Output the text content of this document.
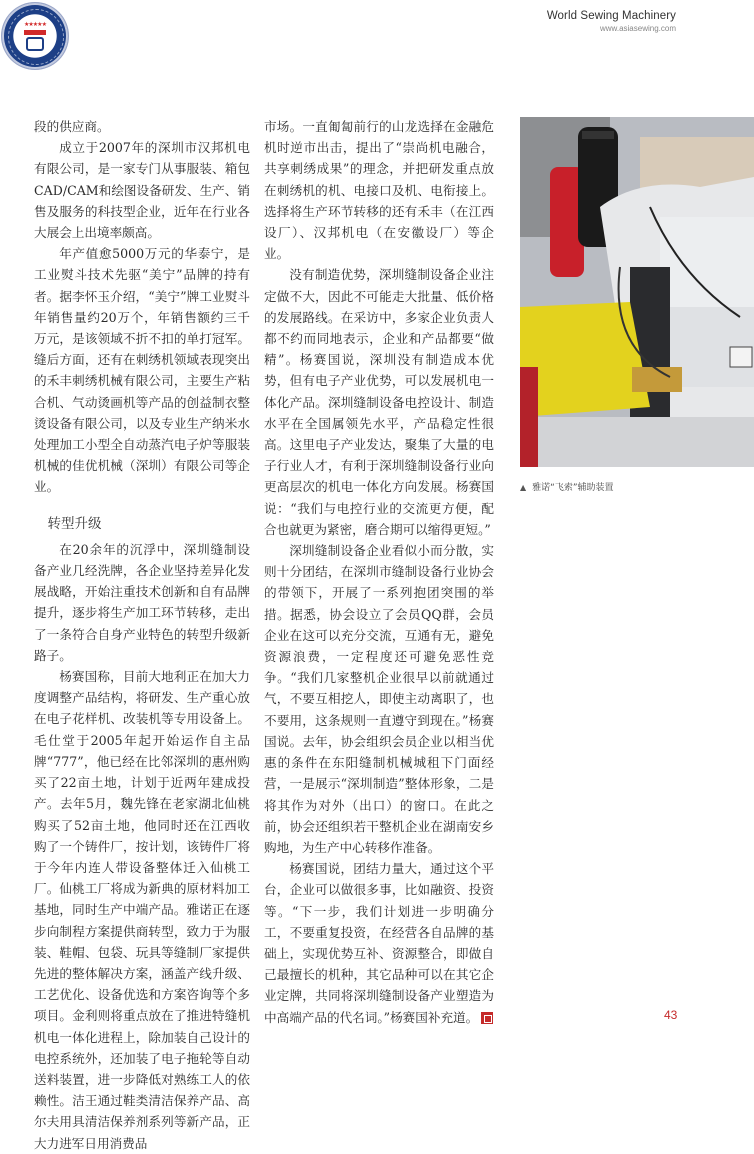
★★★★★
World Sewing Machinery
www.asiasewing.com

段的供应商。

成立于2007年的深圳市汉邦机电有限公司，是一家专门从事服装、箱包CAD/CAM和绘图设备研发、生产、销售及服务的科技型企业，近年在行业各大展会上出境率颇高。

年产值愈5000万元的华泰宁，是工业熨斗技术先驱“美宁”品牌的持有者。据李怀玉介绍，“美宁”牌工业熨斗年销售量约20万个，年销售额约三千万元，是该领域不折不扣的单打冠军。缝后方面，还有在刺绣机领域表现突出的禾丰刺绣机械有限公司，主要生产粘合机、气动烫画机等产品的创益制衣整烫设备有限公司，以及专业生产纳米水处理加工小型全自动蒸汽电子炉等服装机械的佳优机械（深圳）有限公司等企业。

转型升级

在20余年的沉浮中，深圳缝制设备产业几经洗牌，各企业坚持差异化发展战略，开始注重技术创新和自有品牌提升，逐步将生产加工环节转移，走出了一条符合自身产业特色的转型升级新路子。

杨赛国称，目前大地利正在加大力度调整产品结构，将研发、生产重心放在电子花样机、改装机等专用设备上。毛仕堂于2005年起开始运作自主品牌“777”，他已经在比邻深圳的惠州购买了22亩土地，计划于近两年建成投产。去年5月，魏先锋在老家湖北仙桃购买了52亩土地，他同时还在江西收购了一个铸件厂，按计划，该铸件厂将于今年内连人带设备整体迁入仙桃工厂。仙桃工厂将成为新典的原材料加工基地，同时生产中端产品。雅诺正在逐步向制程方案提供商转型，致力于为服装、鞋帽、包袋、玩具等缝制厂家提供先进的整体解决方案，涵盖产线升级、工艺优化、设备优选和方案咨询等个多项目。金利则将重点放在了推进特缝机机电一体化进程上，除加装自己设计的电控系统外，还加装了电子拖轮等自动送料装置，进一步降低对熟练工人的依赖性。洁王通过鞋类清洁保养产品、高尔夫用具清洁保养剂系列等新产品，正大力进军日用消费品

市场。一直匍匐前行的山龙选择在金融危机时逆市出击，提出了“崇尚机电融合，共享刺绣成果”的理念，并把研发重点放在刺绣机的机、电接口及机、电衔接上。选择将生产环节转移的还有禾丰（在江西设厂）、汉邦机电（在安徽设厂）等企业。

没有制造优势，深圳缝制设备企业注定做不大，因此不可能走大批量、低价格的发展路线。在采访中，多家企业负责人都不约而同地表示，企业和产品都要“做精”。杨赛国说，深圳没有制造成本优势，但有电子产业优势，可以发展机电一体化产品。深圳缝制设备电控设计、制造水平在全国属领先水平，产品稳定性很高。这里电子产业发达，聚集了大量的电子行业人才，有利于深圳缝制设备行业向更高层次的机电一体化方向发展。杨赛国说：“我们与电控行业的交流更方便，配合也就更为紧密，磨合期可以缩得更短。”

深圳缝制设备企业看似小而分散，实则十分团结，在深圳市缝制设备行业协会的带领下，开展了一系列抱团突围的举措。据悉，协会设立了会员QQ群，会员企业在这可以充分交流，互通有无，避免资源浪费，一定程度还可避免恶性竞争。“我们几家整机企业很早以前就通过气，不要互相挖人，即使主动离职了，也不要用，这条规则一直遵守到现在。”杨赛国说。去年，协会组织会员企业以相当优惠的条件在东阳缝制机械城租下门面经营，一是展示“深圳制造”整体形象，二是将其作为对外（出口）的窗口。在此之前，协会还组织若干整机企业在湖南安乡购地，为生产中心转移作准备。

杨赛国说，团结力量大，通过这个平台，企业可以做很多事，比如融资、投资等。“下一步，我们计划进一步明确分工，不要重复投资，在经营各自品牌的基础上，实现优势互补、资源整合，即做自己最擅长的机种，其它品种可以在其它企业定牌，共同将深圳缝制设备产业塑造为中高端产品的代名词。”杨赛国补充道。

▲ 雅诺“飞索”辅助装置
43
